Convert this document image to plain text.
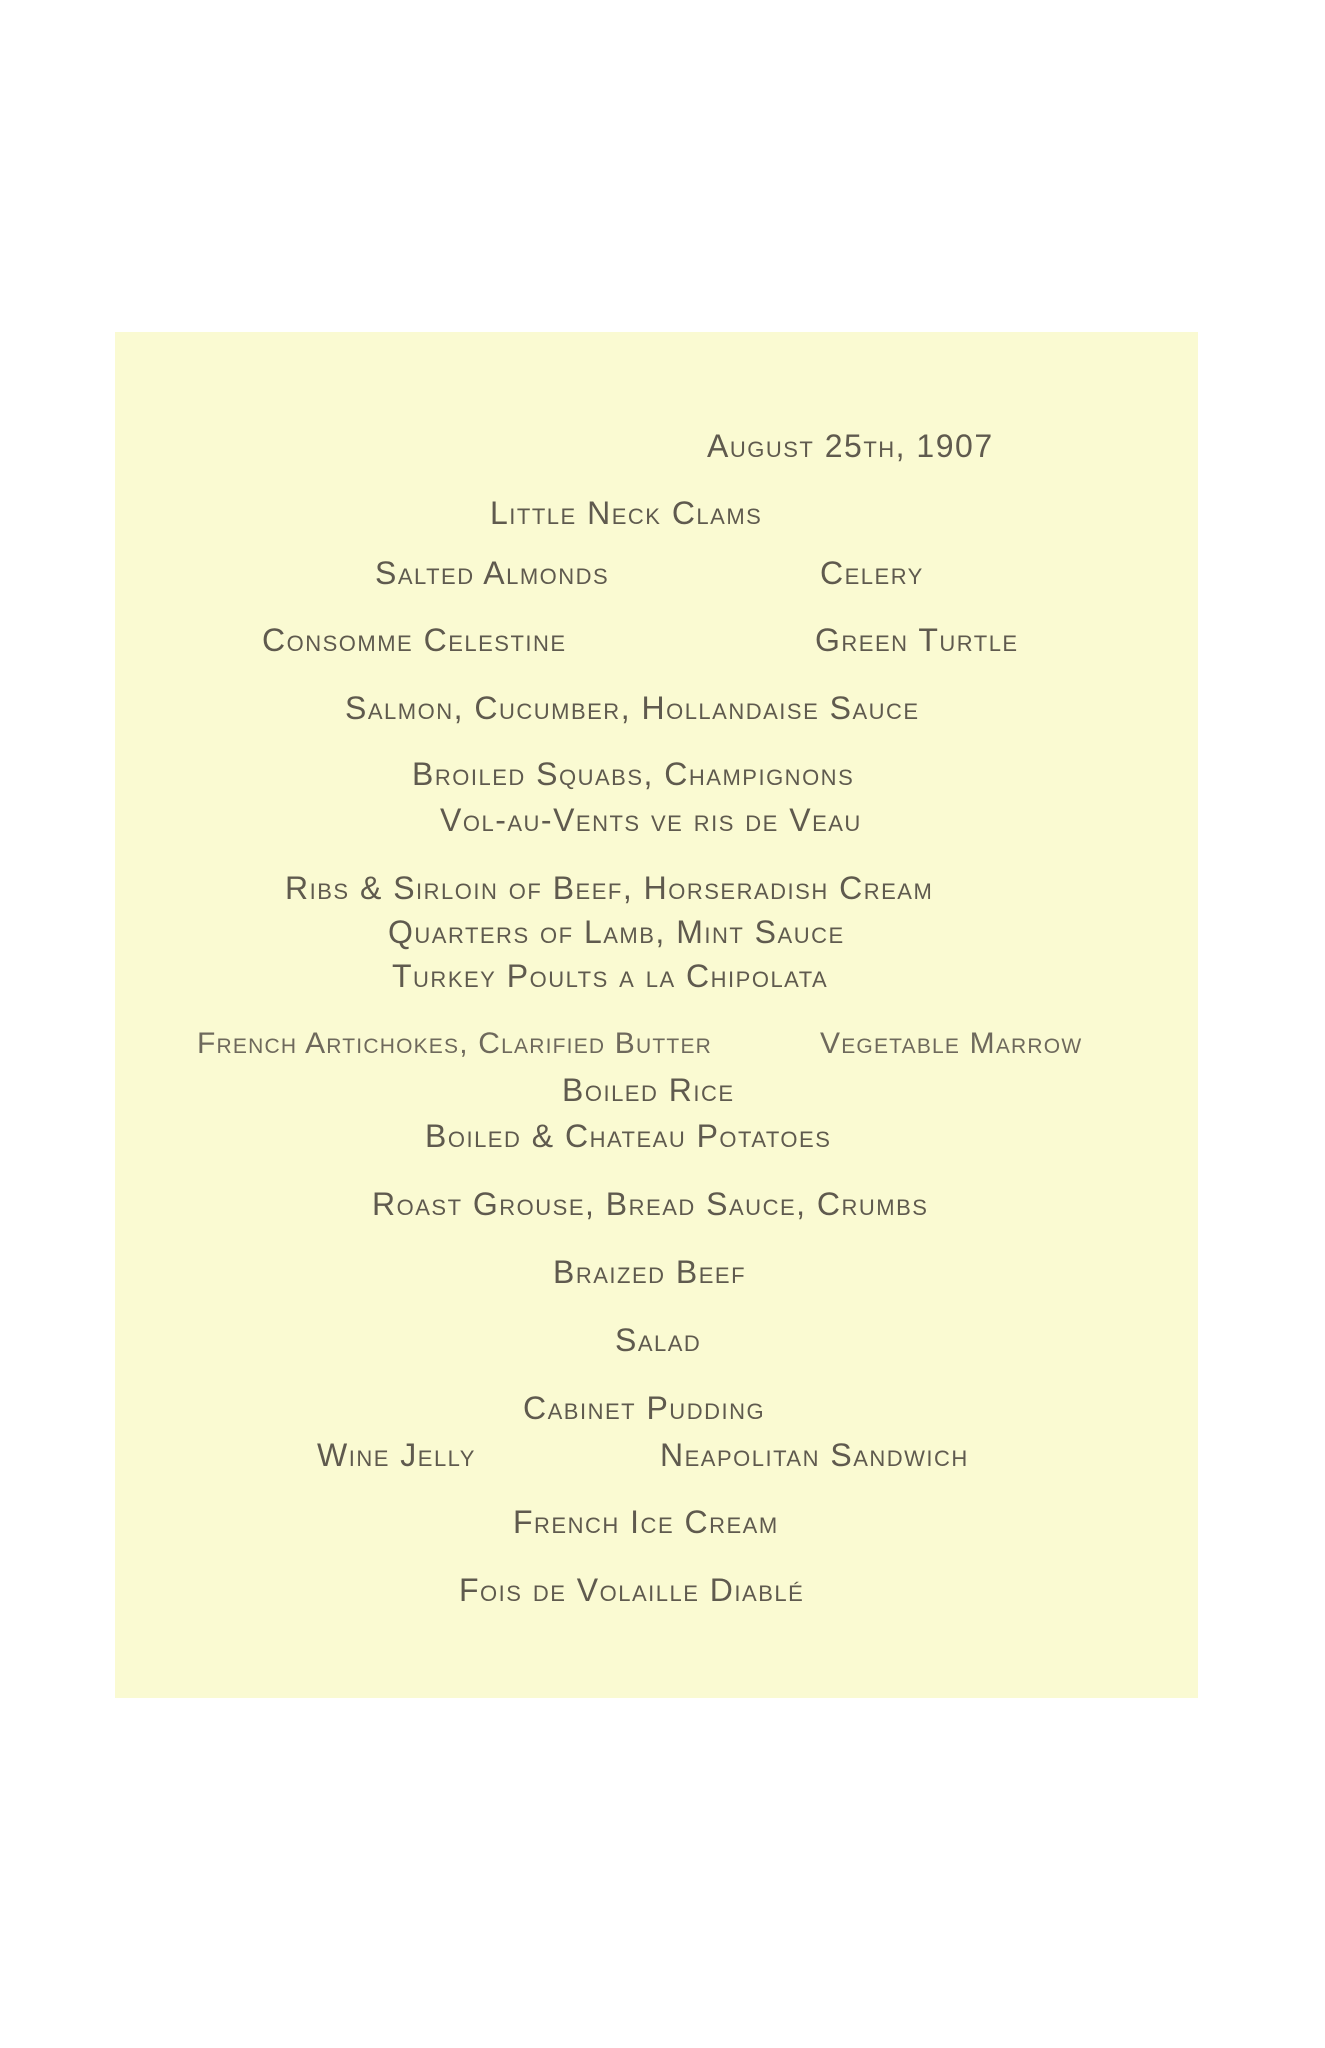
August 25th, 1907

Little Neck Clams

Salted Almonds	Celery

Consomme Celestine	Green Turtle

Salmon, Cucumber, Hollandaise Sauce

Broiled Squabs, Champignons

Vol-au-Vents ve ris de Veau

Ribs & Sirloin of Beef, Horseradish Cream

Quarters of Lamb, Mint Sauce

Turkey Poults a la Chipolata

French Artichokes, Clarified Butter	Vegetable Marrow

Boiled Rice

Boiled & Chateau Potatoes

Roast Grouse, Bread Sauce, Crumbs

Braized Beef

Salad

Cabinet Pudding

Wine Jelly	Neapolitan Sandwich

French Ice Cream

Fois de Volaille Diablé
